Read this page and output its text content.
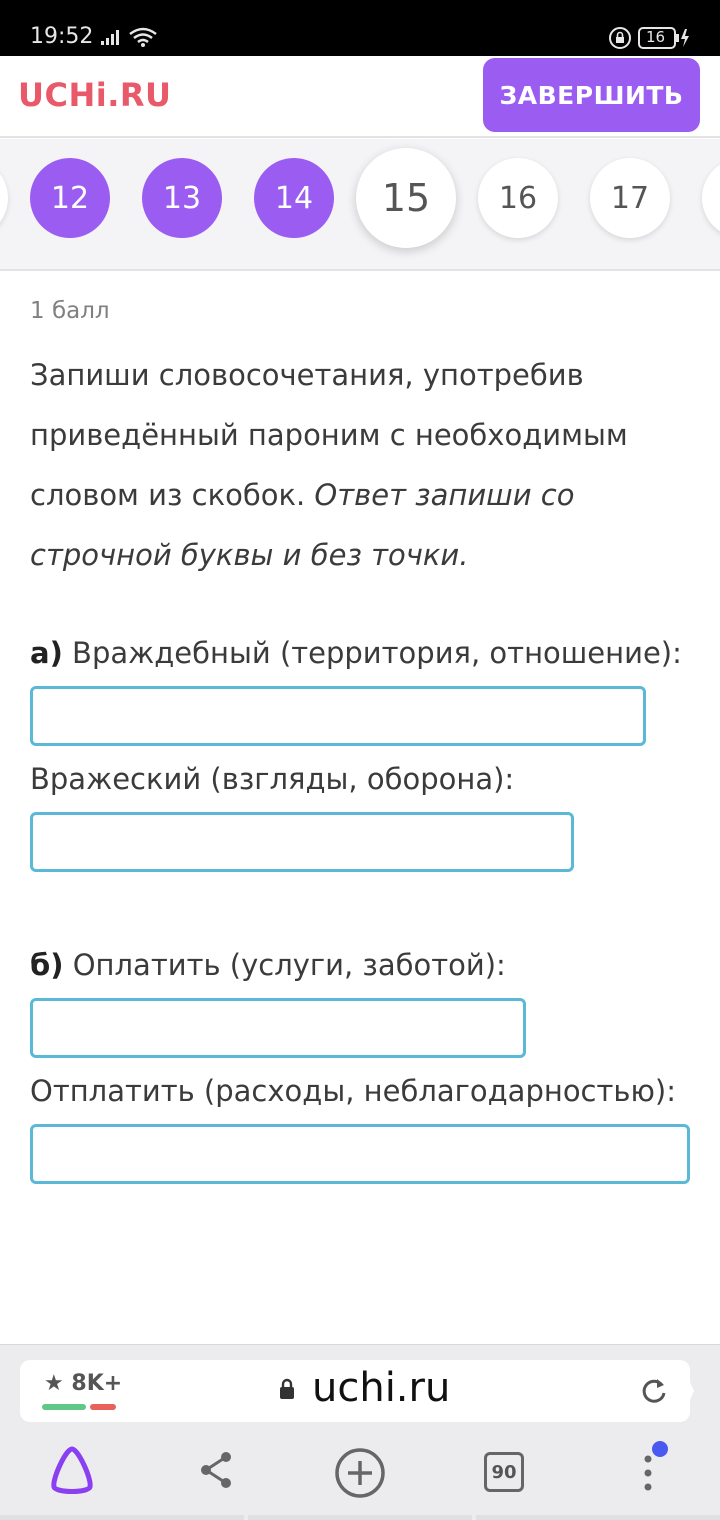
19:52	16
UCHi.RU	ЗАВЕРШИТЬ
12	13	14	15	16	17
1 балл
Запиши словосочетания, употребив приведённый пароним с необходимым словом из скобок. Ответ запиши со строчной буквы и без точки.
а) Враждебный (территория, отношение):
Вражеский (взгляды, оборона):
б) Оплатить (услуги, заботой):
Отплатить (расходы, неблагодарностью):
★ 8K+	uchi.ru
90
